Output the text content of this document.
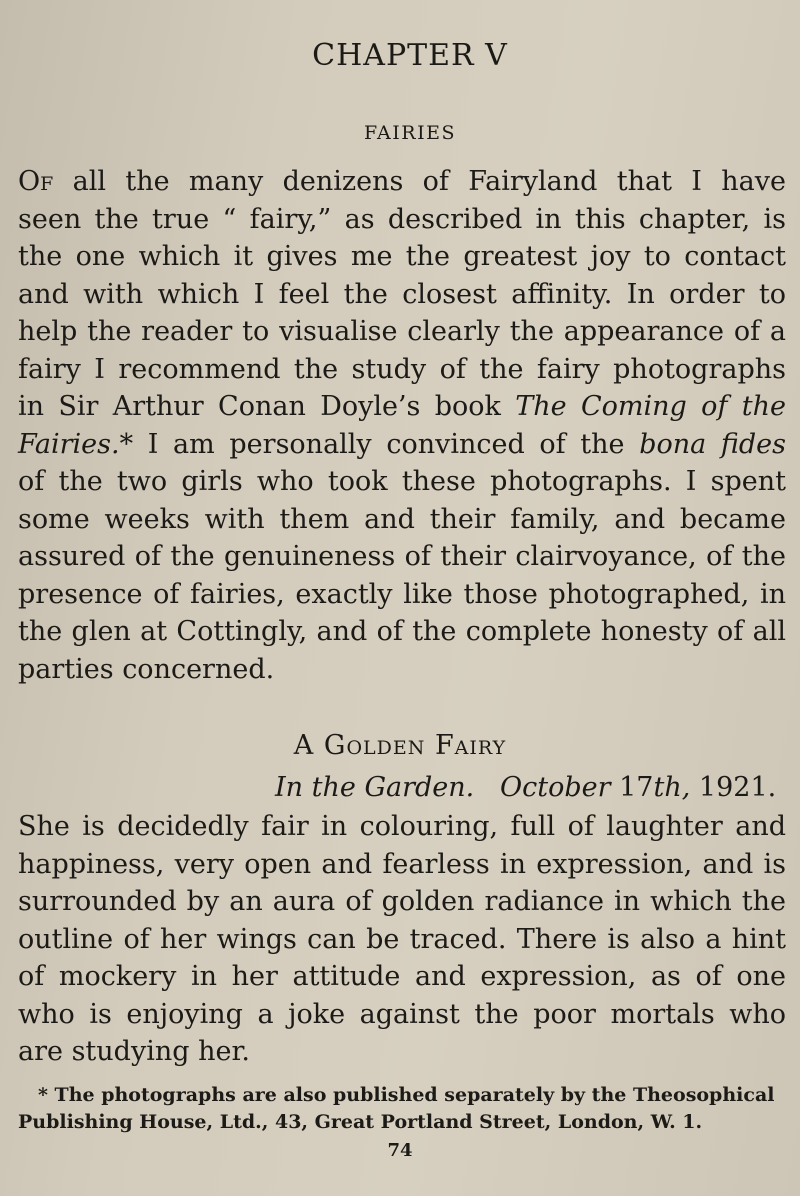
CHAPTER V
FAIRIES

Of all the many denizens of Fairyland that I have
seen the true “ fairy,” as described in this chapter, is
the one which it gives me the greatest joy to contact
and with which I feel the closest affinity. In order to
help the reader to visualise clearly the appearance of a
fairy I recommend the study of the fairy photographs
in Sir Arthur Conan Doyle’s book The Coming of the
Fairies.* I am personally convinced of the bona fides
of the two girls who took these photographs. I spent
some weeks with them and their family, and became
assured of the genuineness of their clairvoyance, of the
presence of fairies, exactly like those photographed, in
the glen at Cottingly, and of the complete honesty of all
parties concerned.

A Golden Fairy
In the Garden. October 17th, 1921.

She is decidedly fair in colouring, full of laughter and
happiness, very open and fearless in expression, and is
surrounded by an aura of golden radiance in which the
outline of her wings can be traced. There is also a hint
of mockery in her attitude and expression, as of one
who is enjoying a joke against the poor mortals who
are studying her.

* The photographs are also published separately by the Theosophical
Publishing House, Ltd., 43, Great Portland Street, London, W. 1.
74
